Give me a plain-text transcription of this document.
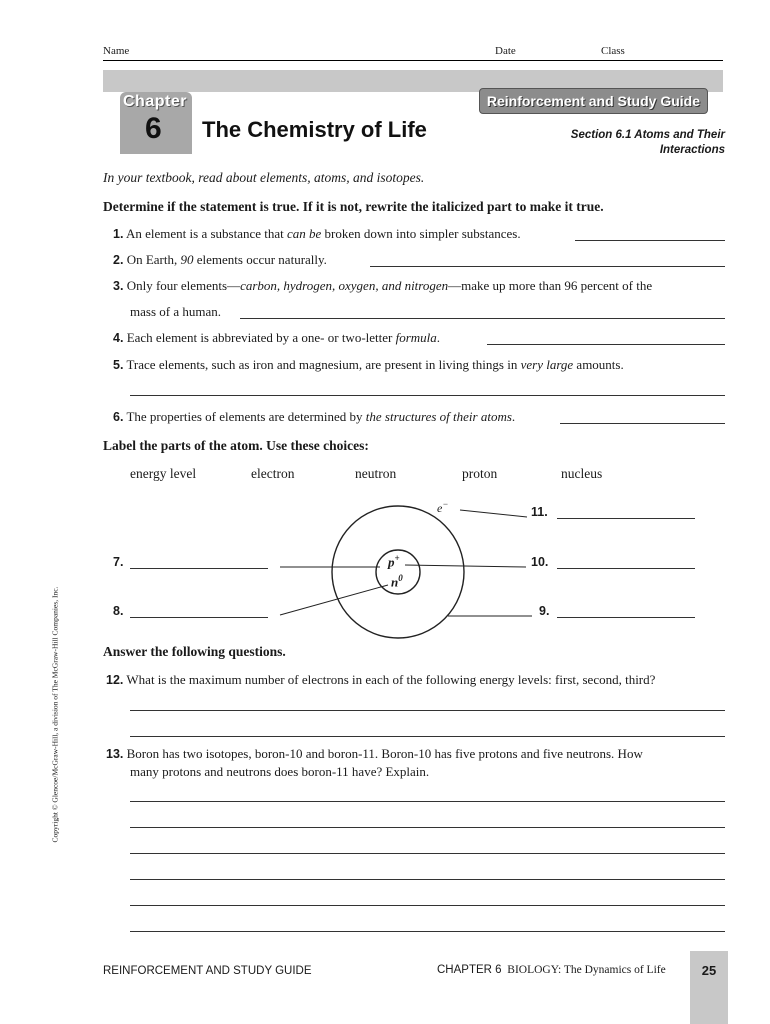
Name	Date	Class
Chapter
6 The Chemistry of Life
Reinforcement and Study Guide
Section 6.1 Atoms and Their
Interactions
In your textbook, read about elements, atoms, and isotopes.
Determine if the statement is true. If it is not, rewrite the italicized part to make it true.
1. An element is a substance that can be broken down into simpler substances.
2. On Earth, 90 elements occur naturally.
3. Only four elements—carbon, hydrogen, oxygen, and nitrogen—make up more than 96 percent of the
mass of a human.
4. Each element is abbreviated by a one- or two-letter formula.
5. Trace elements, such as iron and magnesium, are present in living things in very large amounts.
6. The properties of elements are determined by the structures of their atoms.
Label the parts of the atom. Use these choices:
energy level	electron	neutron	proton	nucleus
e−
p+
$n^0$
11.
10.
9.
7.
8.
Answer the following questions.
12. What is the maximum number of electrons in each of the following energy levels: first, second, third?
13. Boron has two isotopes, boron-10 and boron-11. Boron-10 has five protons and five neutrons. How
many protons and neutrons does boron-11 have? Explain.
Copyright © Glencoe/McGraw-Hill, a division of The McGraw-Hill Companies, Inc.
REINFORCEMENT AND STUDY GUIDE	CHAPTER 6 BIOLOGY: The Dynamics of Life	25
